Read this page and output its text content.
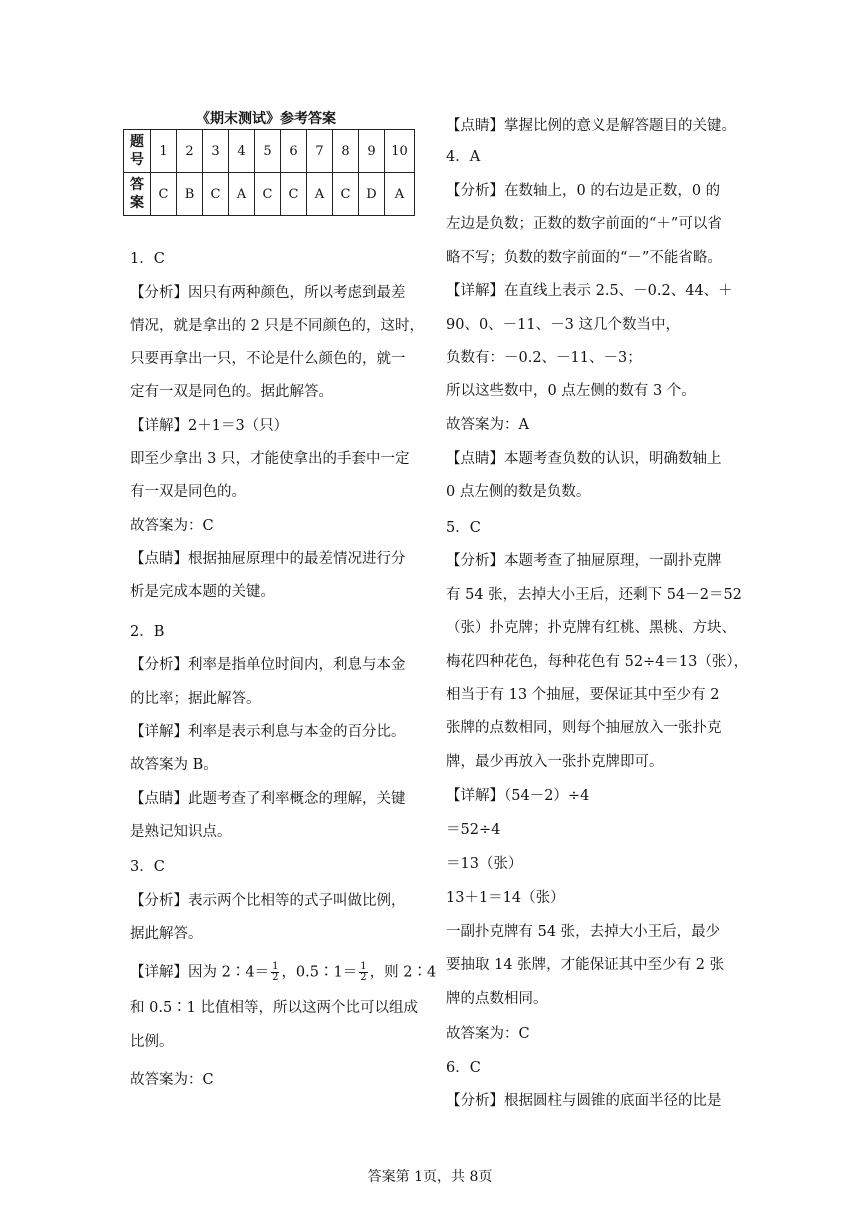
《期末测试》参考答案
题
号	1	2	3	4	5	6	7	8	9	10
答
案	C	B	C	A	C	C	A	C	D	A
1．C
【分析】因只有两种颜色，所以考虑到最差
情况，就是拿出的 2 只是不同颜色的，这时，
只要再拿出一只，不论是什么颜色的，就一
定有一双是同色的。据此解答。
【详解】2＋1＝3（只）
即至少拿出 3 只，才能使拿出的手套中一定
有一双是同色的。
故答案为：C
【点睛】根据抽屉原理中的最差情况进行分
析是完成本题的关键。
2．B
【分析】利率是指单位时间内，利息与本金
的比率；据此解答。
【详解】利率是表示利息与本金的百分比。
故答案为 B。
【点睛】此题考查了利率概念的理解，关键
是熟记知识点。
3．C
【分析】表示两个比相等的式子叫做比例，
据此解答。
【详解】因为 2∶4＝ $\frac{1}{2}$ ，0.5∶1＝ $\frac{1}{2}$ ，则 2∶4
和 0.5∶1 比值相等，所以这两个比可以组成
比例。
故答案为：C
【点睛】掌握比例的意义是解答题目的关键。
4．A
【分析】在数轴上，0 的右边是正数，0 的
左边是负数；正数的数字前面的“＋”可以省
略不写；负数的数字前面的“－”不能省略。
【详解】在直线上表示 2.5、－0.2、44、＋
90、0、－11、－3 这几个数当中，
负数有：－0.2、－11、－3；
所以这些数中，0 点左侧的数有 3 个。
故答案为：A
【点睛】本题考查负数的认识，明确数轴上
0 点左侧的数是负数。
5．C
【分析】本题考查了抽屉原理，一副扑克牌
有 54 张，去掉大小王后，还剩下 54－2＝52
（张）扑克牌；扑克牌有红桃、黑桃、方块、
梅花四种花色，每种花色有 52÷4＝13（张），
相当于有 13 个抽屉，要保证其中至少有 2
张牌的点数相同，则每个抽屉放入一张扑克
牌，最少再放入一张扑克牌即可。
【详解】（54－2）÷4
＝52÷4
＝13（张）
13＋1＝14（张）
一副扑克牌有 54 张，去掉大小王后，最少
要抽取 14 张牌，才能保证其中至少有 2 张
牌的点数相同。
故答案为：C
6．C
【分析】根据圆柱与圆锥的底面半径的比是
答案第 1页，共 8页
